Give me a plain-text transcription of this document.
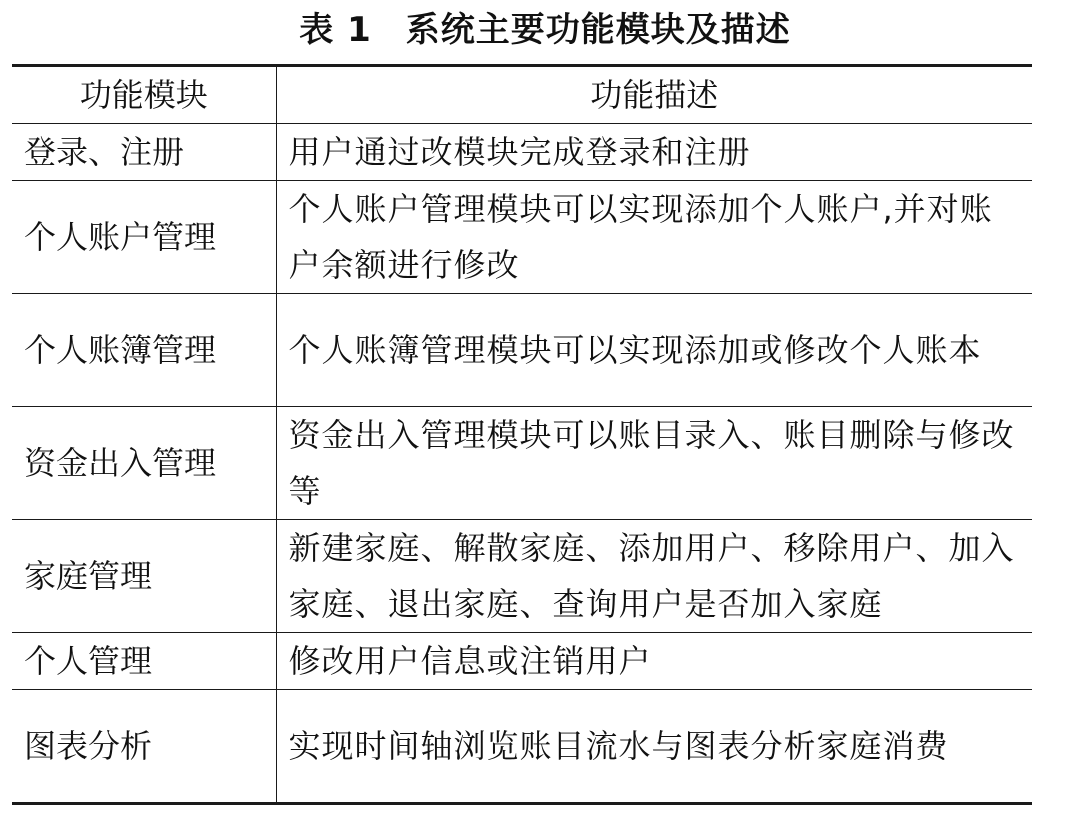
表 1 系统主要功能模块及描述
功能模块	功能描述
登录、注册	用户通过改模块完成登录和注册
个人账户管理	个人账户管理模块可以实现添加个人账户,并对账户余额进行修改
个人账簿管理	个人账簿管理模块可以实现添加或修改个人账本
资金出入管理	资金出入管理模块可以账目录入、账目删除与修改等
家庭管理	新建家庭、解散家庭、添加用户、移除用户、加入家庭、退出家庭、查询用户是否加入家庭
个人管理	修改用户信息或注销用户
图表分析	实现时间轴浏览账目流水与图表分析家庭消费
